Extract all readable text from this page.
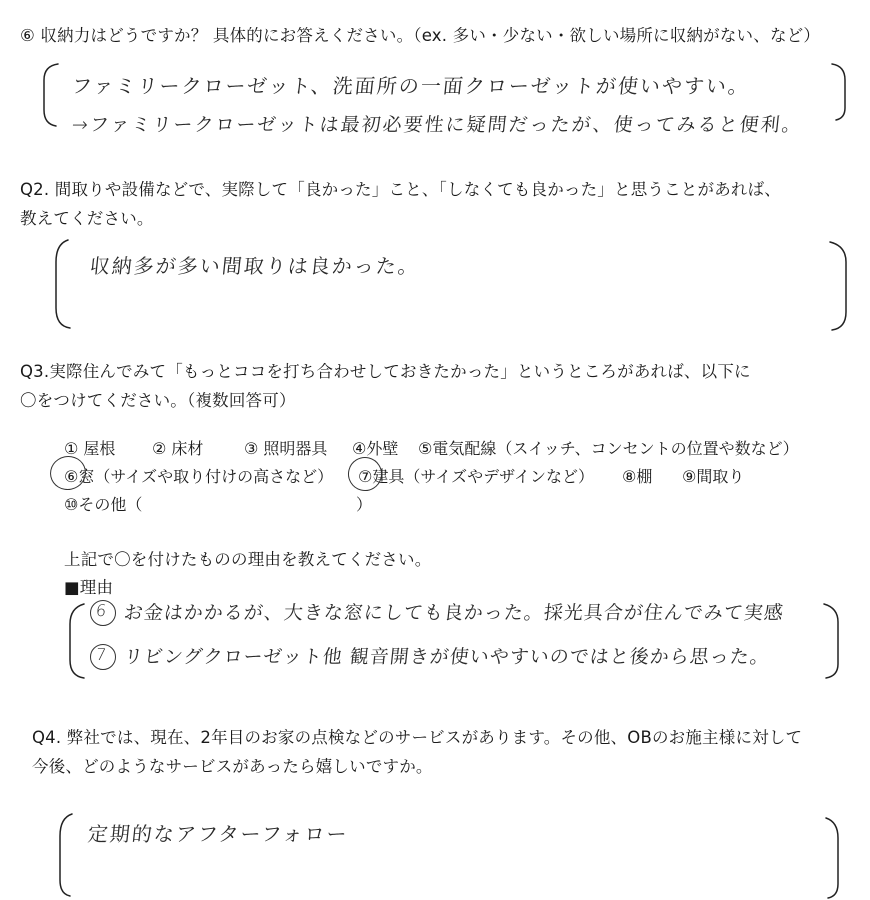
⑥ 収納力はどうですか？ 具体的にお答えください。（ex. 多い・少ない・欲しい場所に収納がない、など）
ファミリークローゼット、洗面所の一面クローゼットが使いやすい。
→ファミリークローゼットは最初必要性に疑問だったが、使ってみると便利。
Q2. 間取りや設備などで、実際して「良かった」こと、「しなくても良かった」と思うことがあれば、
教えてください。
収納多が多い間取りは良かった。
Q3.実際住んでみて「もっとココを打ち合わせしておきたかった」というところがあれば、以下に
〇をつけてください。（複数回答可）
① 屋根 ② 床材	③ 照明器具 ④外壁 ⑤電気配線（スイッチ、コンセントの位置や数など）
⑥窓（サイズや取り付けの高さなど） ⑦建具（サイズやデザインなど） ⑧棚 ⑨間取り
⑩その他（	）
上記で〇を付けたものの理由を教えてください。
■理由
6 お金はかかるが、大きな窓にしても良かった。採光具合が住んでみて実感
7 リビングクローゼット他 観音開きが使いやすいのではと後から思った。
Q4. 弊社では、現在、2年目のお家の点検などのサービスがあります。その他、OBのお施主様に対して
今後、どのようなサービスがあったら嬉しいですか。
定期的なアフターフォロー
